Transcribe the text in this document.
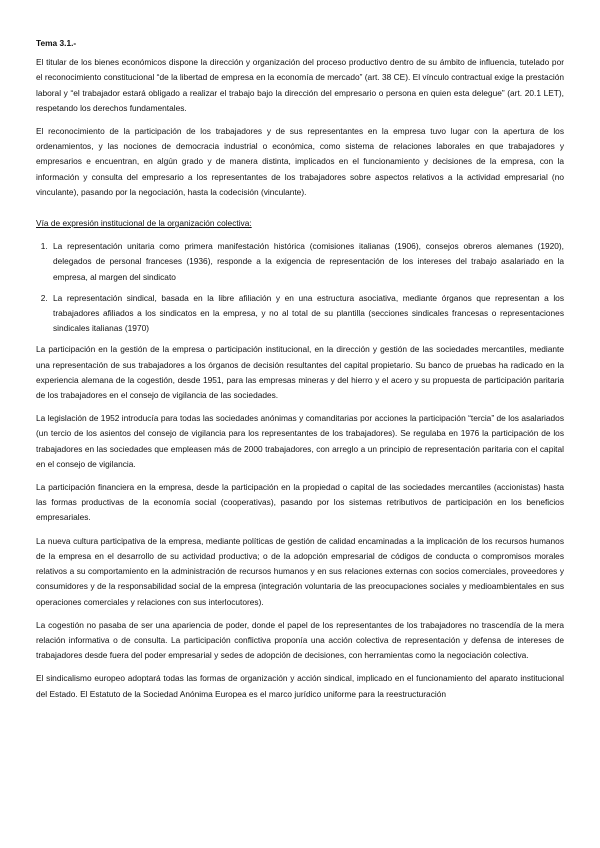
Tema 3.1.-

El titular de los bienes económicos dispone la dirección y organización del proceso productivo dentro de su ámbito de influencia, tutelado por el reconocimiento constitucional “de la libertad de empresa en la economía de mercado” (art. 38 CE). El vínculo contractual exige la prestación laboral y “el trabajador estará obligado a realizar el trabajo bajo la dirección del empresario o persona en quien esta delegue” (art. 20.1 LET), respetando los derechos fundamentales.

El reconocimiento de la participación de los trabajadores y de sus representantes en la empresa tuvo lugar con la apertura de los ordenamientos, y las nociones de democracia industrial o económica, como sistema de relaciones laborales en que trabajadores y empresarios e encuentran, en algún grado y de manera distinta, implicados en el funcionamiento y decisiones de la empresa, con la información y consulta del empresario a los representantes de los trabajadores sobre aspectos relativos a la actividad empresarial (no vinculante), pasando por la negociación, hasta la codecisión (vinculante).

Vía de expresión institucional de la organización colectiva:
1. La representación unitaria como primera manifestación histórica (comisiones italianas (1906), consejos obreros alemanes (1920), delegados de personal franceses (1936), responde a la exigencia de representación de los intereses del trabajo asalariado en la empresa, al margen del sindicato
2. La representación sindical, basada en la libre afiliación y en una estructura asociativa, mediante órganos que representan a los trabajadores afiliados a los sindicatos en la empresa, y no al total de su plantilla (secciones sindicales francesas o representaciones sindicales italianas (1970)

La participación en la gestión de la empresa o participación institucional, en la dirección y gestión de las sociedades mercantiles, mediante una representación de sus trabajadores a los órganos de decisión resultantes del capital propietario. Su banco de pruebas ha radicado en la experiencia alemana de la cogestión, desde 1951, para las empresas mineras y del hierro y el acero y su propuesta de participación paritaria de los trabajadores en el consejo de vigilancia de las sociedades.

La legislación de 1952 introducía para todas las sociedades anónimas y comanditarias por acciones la participación “tercia” de los asalariados (un tercio de los asientos del consejo de vigilancia para los representantes de los trabajadores). Se regulaba en 1976 la participación de los trabajadores en las sociedades que empleasen más de 2000 trabajadores, con arreglo a un principio de representación paritaria con el capital en el consejo de vigilancia.

La participación financiera en la empresa, desde la participación en la propiedad o capital de las sociedades mercantiles (accionistas) hasta las formas productivas de la economía social (cooperativas), pasando por los sistemas retributivos de participación en los beneficios empresariales.

La nueva cultura participativa de la empresa, mediante políticas de gestión de calidad encaminadas a la implicación de los recursos humanos de la empresa en el desarrollo de su actividad productiva; o de la adopción empresarial de códigos de conducta o compromisos morales relativos a su comportamiento en la administración de recursos humanos y en sus relaciones externas con socios comerciales, proveedores y consumidores y de la responsabilidad social de la empresa (integración voluntaria de las preocupaciones sociales y medioambientales en sus operaciones comerciales y relaciones con sus interlocutores).

La cogestión no pasaba de ser una apariencia de poder, donde el papel de los representantes de los trabajadores no trascendía de la mera relación informativa o de consulta. La participación conflictiva proponía una acción colectiva de representación y defensa de intereses de trabajadores desde fuera del poder empresarial y sedes de adopción de decisiones, con herramientas como la negociación colectiva.

El sindicalismo europeo adoptará todas las formas de organización y acción sindical, implicado en el funcionamiento del aparato institucional del Estado. El Estatuto de la Sociedad Anónima Europea es el marco jurídico uniforme para la reestructuración
